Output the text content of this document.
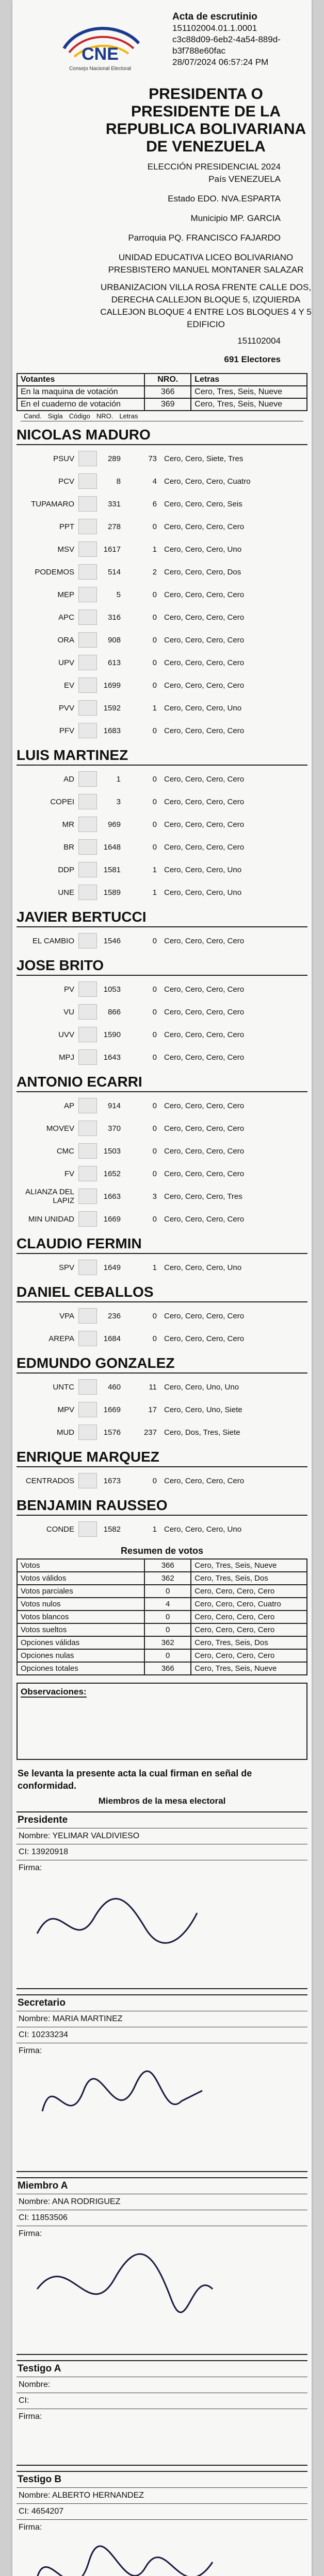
CNE
Consejo Nacional Electoral
Acta de escrutinio
151102004.01.1.0001
c3c88d09-6eb2-4a54-889d-
b3f788e60fac
28/07/2024 06:57:24 PM
PRESIDENTA O PRESIDENTE DE LA REPUBLICA BOLIVARIANA DE VENEZUELA
ELECCIÓN PRESIDENCIAL 2024
País VENEZUELA
Estado EDO. NVA.ESPARTA
Municipio MP. GARCIA
Parroquia PQ. FRANCISCO FAJARDO
UNIDAD EDUCATIVA LICEO BOLIVARIANO PRESBISTERO MANUEL MONTANER SALAZAR
URBANIZACION VILLA ROSA FRENTE CALLE DOS, DERECHA CALLEJON BLOQUE 5, IZQUIERDA CALLEJON BLOQUE 4 ENTRE LOS BLOQUES 4 Y 5 EDIFICIO
151102004
691 Electores
Votantes	NRO.	Letras
En la maquina de votación	366	Cero, Tres, Seis, Nueve
En el cuaderno de votación	369	Cero, Tres, Seis, Nueve
Cand. Sigla Código NRO. Letras
NICOLAS MADURO
PSUV	289	73 Cero, Cero, Siete, Tres
PCV	8	4 Cero, Cero, Cero, Cuatro
TUPAMARO	331	6 Cero, Cero, Cero, Seis
PPT	278	0 Cero, Cero, Cero, Cero
MSV	1617	1 Cero, Cero, Cero, Uno
PODEMOS	514	2 Cero, Cero, Cero, Dos
MEP	5	0 Cero, Cero, Cero, Cero
APC	316	0 Cero, Cero, Cero, Cero
ORA	908	0 Cero, Cero, Cero, Cero
UPV	613	0 Cero, Cero, Cero, Cero
EV	1699	0 Cero, Cero, Cero, Cero
PVV	1592	1 Cero, Cero, Cero, Uno
PFV	1683	0 Cero, Cero, Cero, Cero
LUIS MARTINEZ
AD	1	0 Cero, Cero, Cero, Cero
COPEI	3	0 Cero, Cero, Cero, Cero
MR	969	0 Cero, Cero, Cero, Cero
BR	1648	0 Cero, Cero, Cero, Cero
DDP	1581	1 Cero, Cero, Cero, Uno
UNE	1589	1 Cero, Cero, Cero, Uno
JAVIER BERTUCCI
EL CAMBIO	1546	0 Cero, Cero, Cero, Cero
JOSE BRITO
PV	1053	0 Cero, Cero, Cero, Cero
VU	866	0 Cero, Cero, Cero, Cero
UVV	1590	0 Cero, Cero, Cero, Cero
MPJ	1643	0 Cero, Cero, Cero, Cero
ANTONIO ECARRI
AP	914	0 Cero, Cero, Cero, Cero
MOVEV	370	0 Cero, Cero, Cero, Cero
CMC	1503	0 Cero, Cero, Cero, Cero
FV	1652	0 Cero, Cero, Cero, Cero
ALIANZA DEL LAPIZ	1663	3 Cero, Cero, Cero, Tres
MIN UNIDAD	1669	0 Cero, Cero, Cero, Cero
CLAUDIO FERMIN
SPV	1649	1 Cero, Cero, Cero, Uno
DANIEL CEBALLOS
VPA	236	0 Cero, Cero, Cero, Cero
AREPA	1684	0 Cero, Cero, Cero, Cero
EDMUNDO GONZALEZ
UNTC	460	11 Cero, Cero, Uno, Uno
MPV	1669	17 Cero, Cero, Uno, Siete
MUD	1576	237 Cero, Dos, Tres, Siete
ENRIQUE MARQUEZ
CENTRADOS	1673	0 Cero, Cero, Cero, Cero
BENJAMIN RAUSSEO
CONDE	1582	1 Cero, Cero, Cero, Uno
Resumen de votos
Votos	366	Cero, Tres, Seis, Nueve
Votos válidos	362	Cero, Tres, Seis, Dos
Votos parciales	0	Cero, Cero, Cero, Cero
Votos nulos	4	Cero, Cero, Cero, Cuatro
Votos blancos	0	Cero, Cero, Cero, Cero
Votos sueltos	0	Cero, Cero, Cero, Cero
Opciones válidas	362	Cero, Tres, Seis, Dos
Opciones nulas	0	Cero, Cero, Cero, Cero
Opciones totales	366	Cero, Tres, Seis, Nueve
Observaciones:
Se levanta la presente acta la cual firman en señal de conformidad.
Miembros de la mesa electoral
Presidente
Nombre: YELIMAR VALDIVIESO
CI: 13920918
Firma:
Secretario
Nombre: MARIA MARTINEZ
CI: 10233234
Firma:
Miembro A
Nombre: ANA RODRIGUEZ
CI: 11853506
Firma:
Testigo A
Nombre:
CI:
Firma:
Testigo B
Nombre: ALBERTO HERNANDEZ
CI: 4654207
Firma:
